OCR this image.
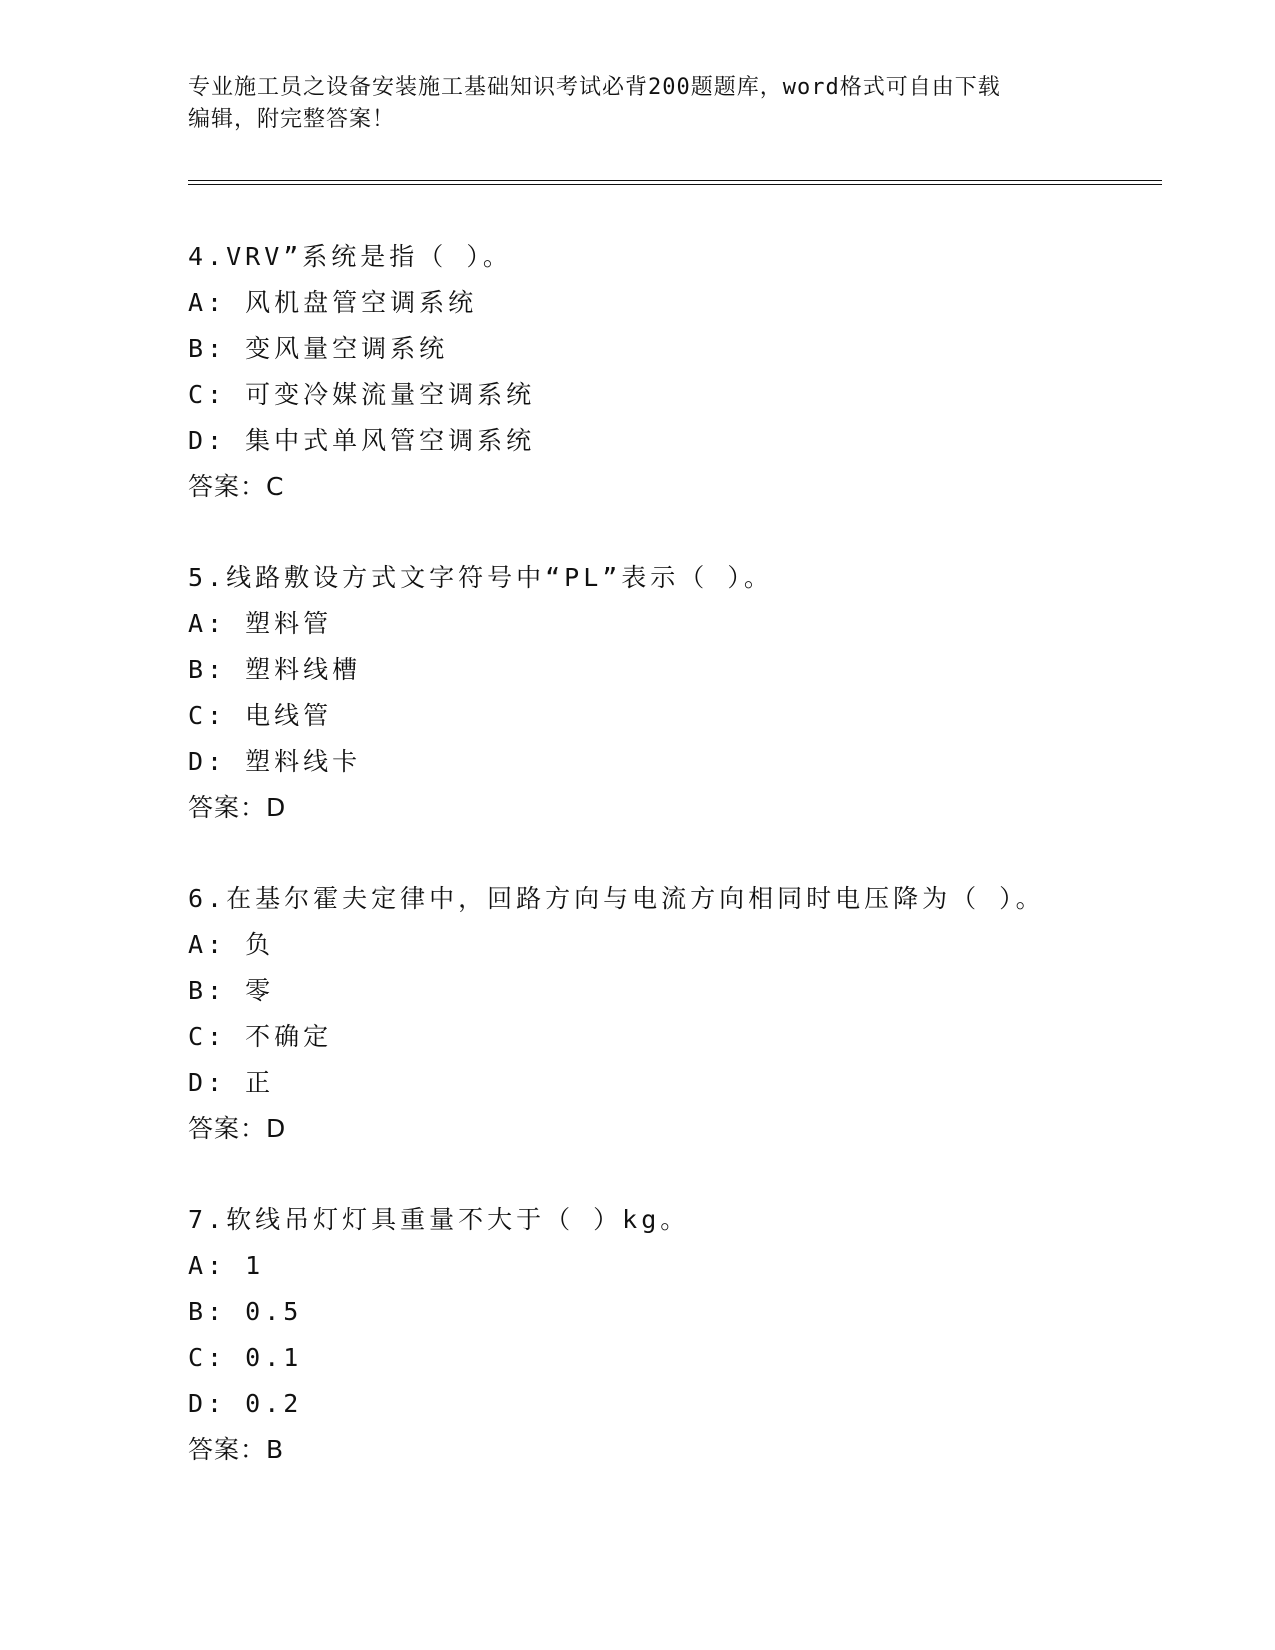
专业施工员之设备安装施工基础知识考试必背200题题库，word格式可自由下载
编辑，附完整答案！
4.VRV”系统是指（ ）。
A: 风机盘管空调系统
B: 变风量空调系统
C: 可变冷媒流量空调系统
D: 集中式单风管空调系统
答案：C
5.线路敷设方式文字符号中“PL”表示（ ）。
A: 塑料管
B: 塑料线槽
C: 电线管
D: 塑料线卡
答案：D
6.在基尔霍夫定律中，回路方向与电流方向相同时电压降为（ ）。
A: 负
B: 零
C: 不确定
D: 正
答案：D
7.软线吊灯灯具重量不大于（ ）kg。
A: 1
B: 0.5
C: 0.1
D: 0.2
答案：B
